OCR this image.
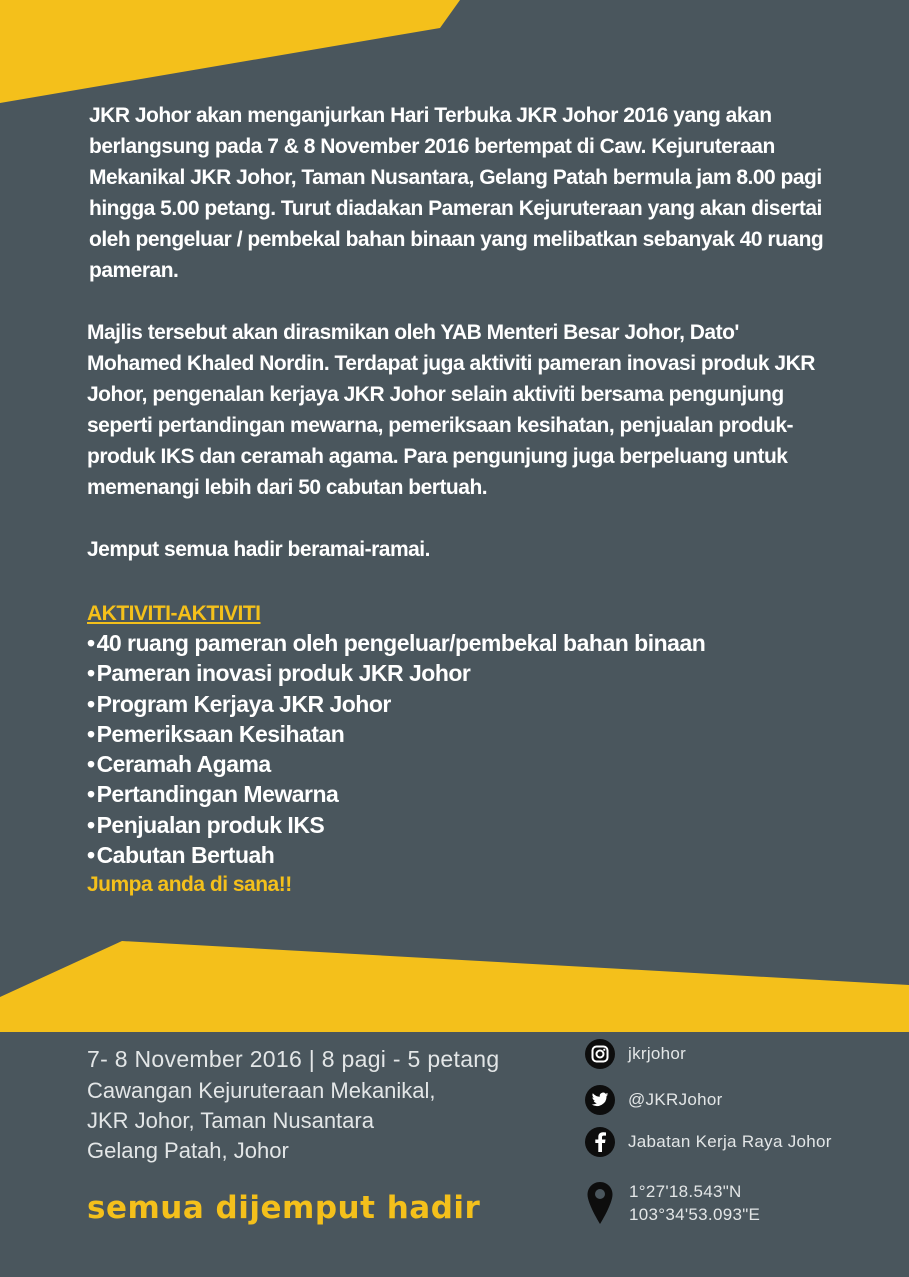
JKR Johor akan menganjurkan Hari Terbuka JKR Johor 2016 yang akan berlangsung pada 7 & 8 November 2016 bertempat di Caw. Kejuruteraan Mekanikal JKR Johor, Taman Nusantara, Gelang Patah bermula jam 8.00 pagi hingga 5.00 petang. Turut diadakan Pameran Kejuruteraan yang akan disertai oleh pengeluar / pembekal bahan binaan yang melibatkan sebanyak 40 ruang pameran.

Majlis tersebut akan dirasmikan oleh YAB Menteri Besar Johor, Dato' Mohamed Khaled Nordin. Terdapat juga aktiviti pameran inovasi produk JKR Johor, pengenalan kerjaya JKR Johor selain aktiviti bersama pengunjung seperti pertandingan mewarna, pemeriksaan kesihatan, penjualan produk-produk IKS dan ceramah agama. Para pengunjung juga berpeluang untuk memenangi lebih dari 50 cabutan bertuah.

Jemput semua hadir beramai-ramai.

AKTIVITI-AKTIVITI
•40 ruang pameran oleh pengeluar/pembekal bahan binaan
•Pameran inovasi produk JKR Johor
•Program Kerjaya JKR Johor
•Pemeriksaan Kesihatan
•Ceramah Agama
•Pertandingan Mewarna
•Penjualan produk IKS
•Cabutan Bertuah
Jumpa anda di sana!!

7- 8 November 2016 | 8 pagi - 5 petang

Cawangan Kejuruteraan Mekanikal,

JKR Johor, Taman Nusantara

Gelang Patah, Johor

semua dijemput hadir
jkrjohor
@JKRJohor
Jabatan Kerja Raya Johor
1°27'18.543"N
103°34'53.093"E
